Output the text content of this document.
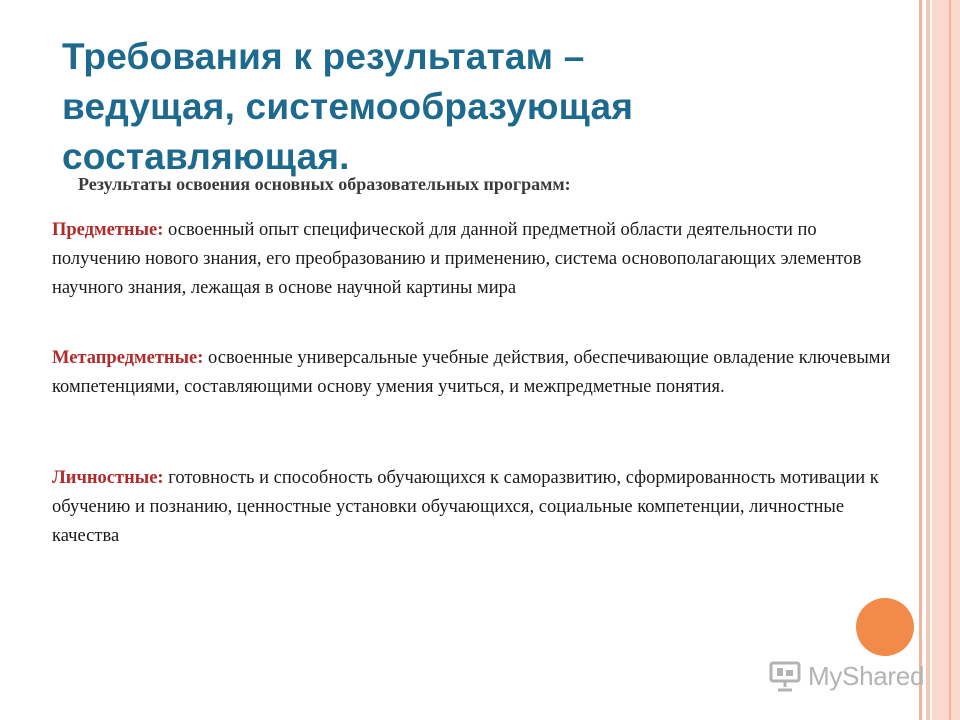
Требования к результатам –
ведущая, системообразующая
составляющая.

Результаты освоения основных образовательных программ:

Предметные: освоенный опыт специфической для данной предметной области деятельности по получению нового знания, его преобразованию и применению, система основополагающих элементов научного знания, лежащая в основе научной картины мира

Метапредметные: освоенные универсальные учебные действия, обеспечивающие овладение ключевыми компетенциями, составляющими основу умения учиться, и межпредметные понятия.

Личностные: готовность и способность обучающихся к саморазвитию, сформированность мотивации к обучению и познанию, ценностные установки обучающихся, социальные компетенции, личностные качества

MyShared
